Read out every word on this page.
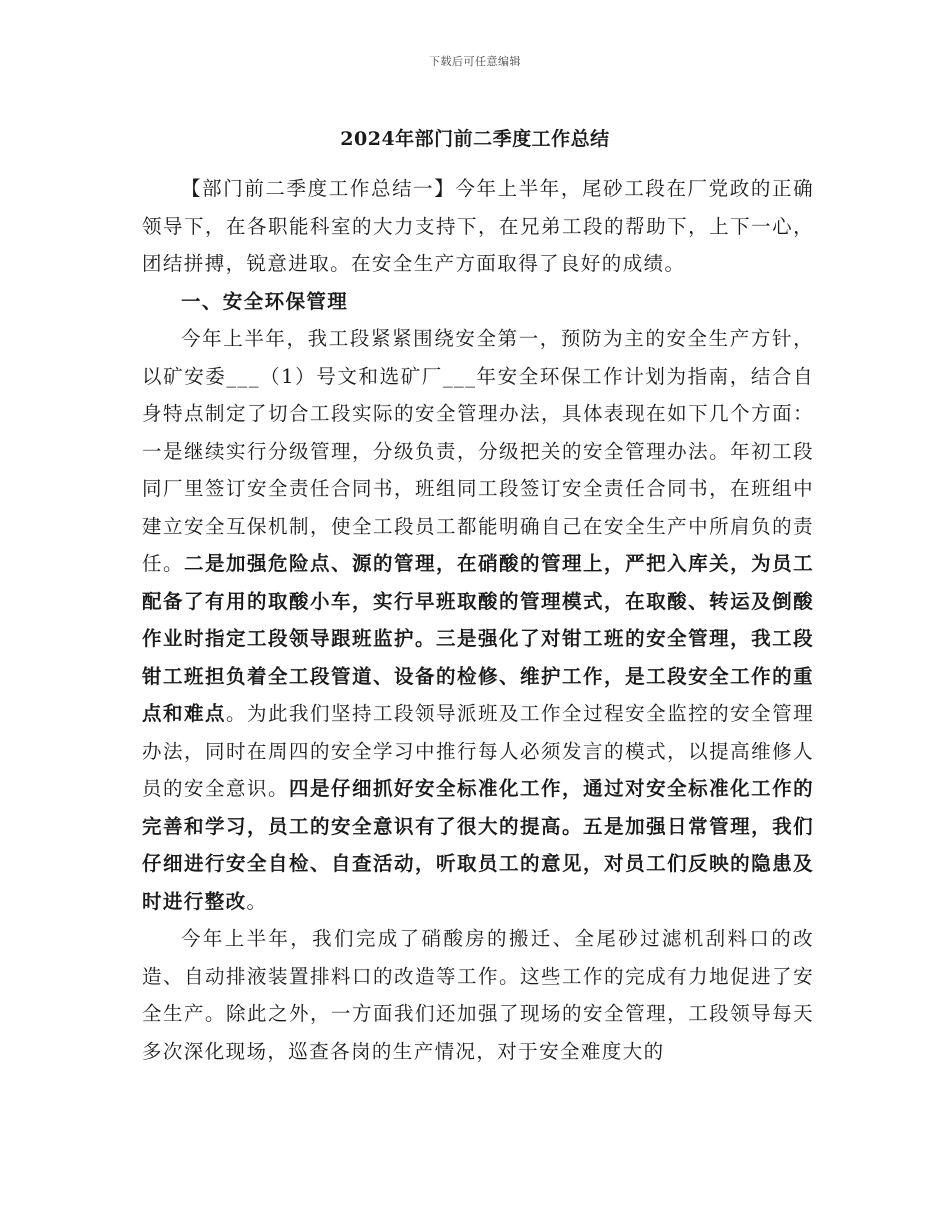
下载后可任意编辑
2024年部门前二季度工作总结

【部门前二季度工作总结一】今年上半年，尾砂工段在厂党政的正确领导下，在各职能科室的大力支持下，在兄弟工段的帮助下，上下一心，团结拼搏，锐意进取。在安全生产方面取得了良好的成绩。

一、安全环保管理

今年上半年，我工段紧紧围绕安全第一，预防为主的安全生产方针，以矿安委___（1）号文和选矿厂___年安全环保工作计划为指南，结合自身特点制定了切合工段实际的安全管理办法，具体表现在如下几个方面：一是继续实行分级管理，分级负责，分级把关的安全管理办法。年初工段同厂里签订安全责任合同书，班组同工段签订安全责任合同书，在班组中建立安全互保机制，使全工段员工都能明确自己在安全生产中所肩负的责任。二是加强危险点、源的管理，在硝酸的管理上，严把入库关，为员工配备了有用的取酸小车，实行早班取酸的管理模式，在取酸、转运及倒酸作业时指定工段领导跟班监护。三是强化了对钳工班的安全管理，我工段钳工班担负着全工段管道、设备的检修、维护工作，是工段安全工作的重点和难点。为此我们坚持工段领导派班及工作全过程安全监控的安全管理办法，同时在周四的安全学习中推行每人必须发言的模式，以提高维修人员的安全意识。四是仔细抓好安全标准化工作，通过对安全标准化工作的完善和学习，员工的安全意识有了很大的提高。五是加强日常管理，我们仔细进行安全自检、自查活动，听取员工的意见，对员工们反映的隐患及时进行整改。

今年上半年，我们完成了硝酸房的搬迁、全尾砂过滤机刮料口的改造、自动排液装置排料口的改造等工作。这些工作的完成有力地促进了安全生产。除此之外，一方面我们还加强了现场的安全管理，工段领导每天多次深化现场，巡查各岗的生产情况，对于安全难度大的
